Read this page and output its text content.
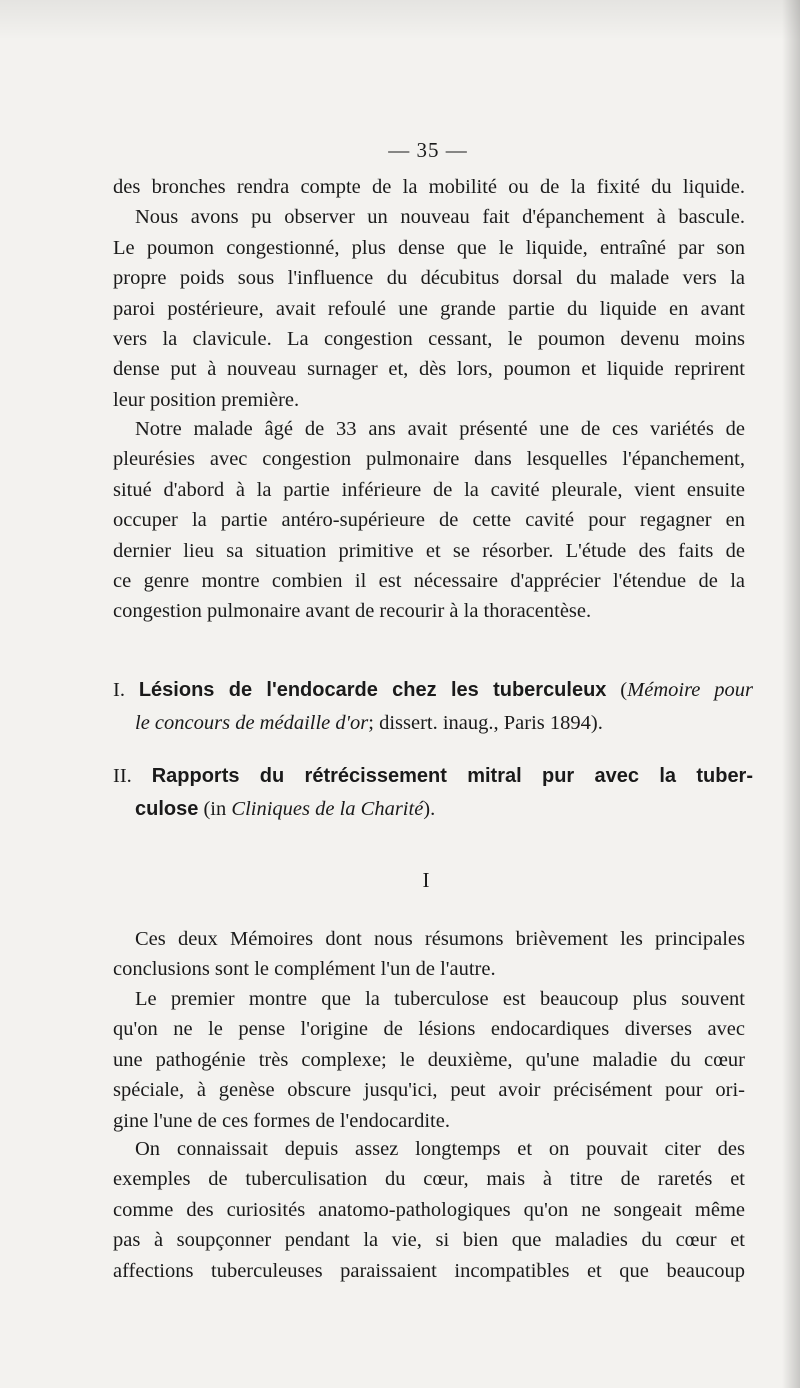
— 35 —

des bronches rendra compte de la mobilité ou de la fixité du liquide.
Nous avons pu observer un nouveau fait d'épanchement à bascule.
Le poumon congestionné, plus dense que le liquide, entraîné par son
propre poids sous l'influence du décubitus dorsal du malade vers la
paroi postérieure, avait refoulé une grande partie du liquide en avant
vers la clavicule. La congestion cessant, le poumon devenu moins
dense put à nouveau surnager et, dès lors, poumon et liquide reprirent
leur position première.

Notre malade âgé de 33 ans avait présenté une de ces variétés de
pleurésies avec congestion pulmonaire dans lesquelles l'épanchement,
situé d'abord à la partie inférieure de la cavité pleurale, vient ensuite
occuper la partie antéro-supérieure de cette cavité pour regagner en
dernier lieu sa situation primitive et se résorber. L'étude des faits de
ce genre montre combien il est nécessaire d'apprécier l'étendue de la
congestion pulmonaire avant de recourir à la thoracentèse.

I. Lésions de l'endocarde chez les tuberculeux (Mémoire pour
le concours de médaille d'or; dissert. inaug., Paris 1894).
II. Rapports du rétrécissement mitral pur avec la tuber-
culose (in Cliniques de la Charité).
I

Ces deux Mémoires dont nous résumons brièvement les principales
conclusions sont le complément l'un de l'autre.

Le premier montre que la tuberculose est beaucoup plus souvent
qu'on ne le pense l'origine de lésions endocardiques diverses avec
une pathogénie très complexe; le deuxième, qu'une maladie du cœur
spéciale, à genèse obscure jusqu'ici, peut avoir précisément pour ori-
gine l'une de ces formes de l'endocardite.

On connaissait depuis assez longtemps et on pouvait citer des
exemples de tuberculisation du cœur, mais à titre de raretés et
comme des curiosités anatomo-pathologiques qu'on ne songeait même
pas à soupçonner pendant la vie, si bien que maladies du cœur et
affections tuberculeuses paraissaient incompatibles et que beaucoup
